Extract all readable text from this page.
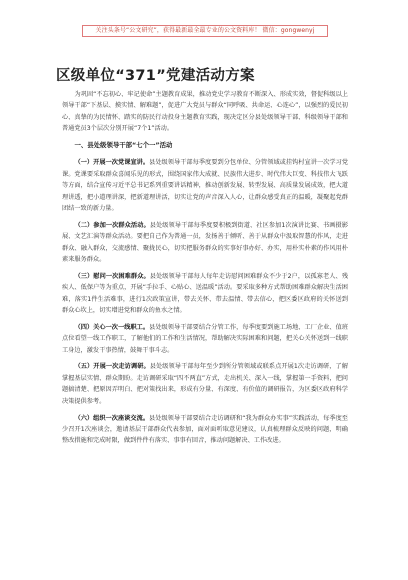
关注头条号“公文研究”，获得最新最全最专业的公文资料库！ 微信：gongwenyj
区级单位“371”党建活动方案

为巩固“不忘初心、牢记使命”主题教育成果，推动党史学习教育不断深入、形成实效，督促科级以上领导干部“下基层、摸实情、解难题”，促进广大党员与群众“同呼吸、共命运、心连心”，以强烈的爱民初心、真挚的为民情怀、踏实的防民行动投身主题教育实践，现决定区分县处级领导干部、科级领导干部和普通党员3个层次分别开展“7个1”活动。

一、县处级领导干部“七个一”活动

（一）开展一次党课宣讲。县处级领导干部每季度要到分包单位、分管领域或挂钩村宣讲一次学习党课。党课要采取群众喜闻乐见的形式，围绕国家伟大成就、民族伟大进步、时代伟大巨变、科技伟大飞跃等方面，结合宣传习近平总书记系列重要讲话精神，推动创新发展、转型发展、高质量发展成效，把大道理讲透，把小道理讲深，把新道理讲活，切实让党的声音深入人心，让群众感受真正的温暖，凝聚起党群团结一致的新力量。

（二）参加一次群众活动。县处级领导干部每季度要积极到街道、社区参加1次演讲比赛、书画摄影展、文艺汇演等群众活动。要把自己作为普通一员，发扬善于倾听、善于从群众中汲取智慧的作风，走进群众、融入群众，交流感情、聚拢民心，切实把服务群众的实事好事办好、办实，用朴实朴素的作风用朴素来服务群众。

（三）慰问一次困难群众。县处级领导干部每人每年走访慰问困难群众不少于2户，以孤寡老人、残疾人、低保户等为重点，开展“手拉手、心贴心、送温暖”活动。要采取多种方式帮助困难群众解决生活困难，落实1件生活难事，进行1次政策宣讲，带去关怀、带去温情、带去信心，把区委区政府的关怀送到群众心坎上，切实增进党和群众的鱼水之情。

（四）关心一次一线职工。县处级领导干部要结合分管工作，每季度要到施工场地、工厂企业、值班点位看望一线工作职工，了解他们的工作和生活情况，帮助解决实际困难和问题，把关心关怀送到一线职工身边，激发干事热情，鼓舞干事斗志。

（五）开展一次走访调研。县处级领导干部每年至少到所分管领域或联系点开展1次走访调研，了解掌握基层实情、群众期盼。走访调研采取“四不两直”方式，走出机关、深入一线，掌握第一手资料，把问题搞清楚、把原因弄明白、把对策找出来，形成有分量、有深度、有价值的调研报告，为区委区政府科学决策提供参考。

（六）组织一次座谈交流。县处级领导干部要结合走访调研和“我为群众办实事”实践活动，每季度至少召开1次座谈会，邀请基层干部群众代表参加，面对面听取意见建议，认真梳理群众反映的问题，明确整改措施和完成时限，做到件件有落实、事事有回音，推动问题解决、工作改进。
